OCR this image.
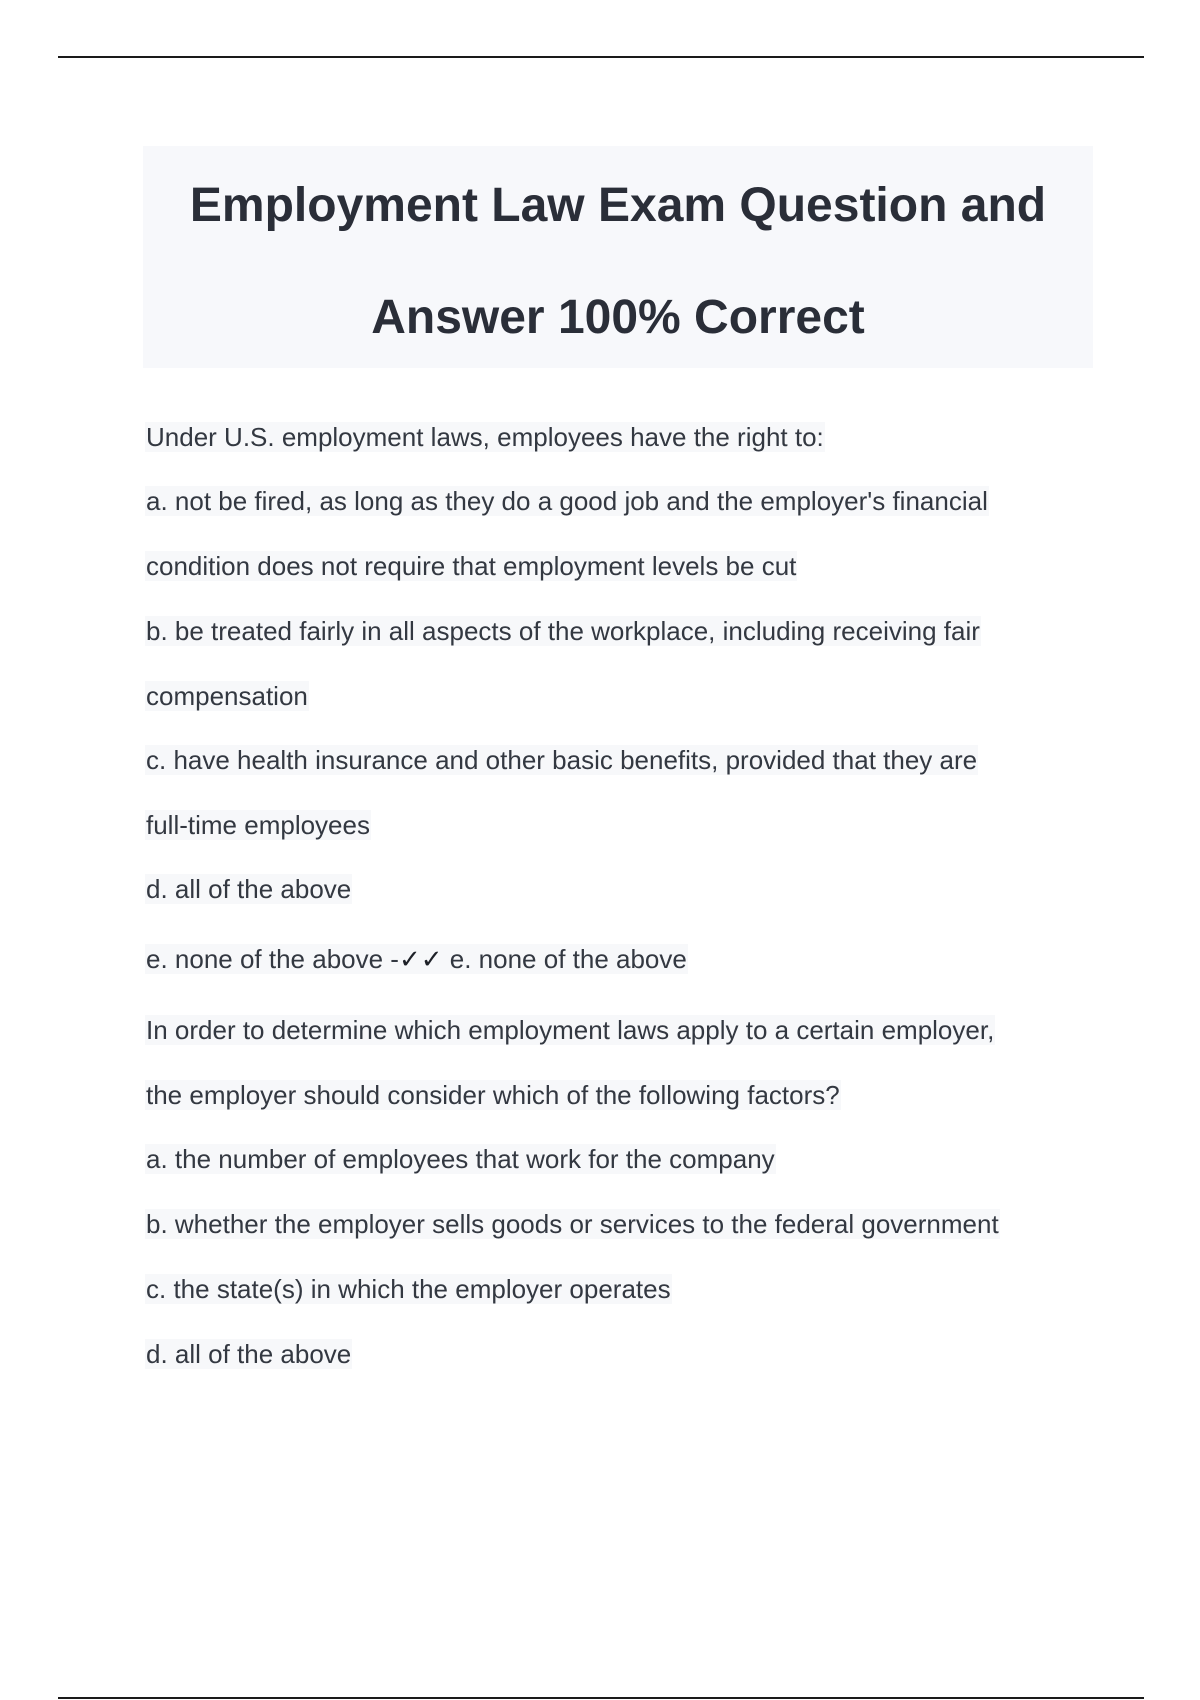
Employment Law Exam Question and
Answer 100% Correct
Under U.S. employment laws, employees have the right to:
a. not be fired, as long as they do a good job and the employer's financial
condition does not require that employment levels be cut
b. be treated fairly in all aspects of the workplace, including receiving fair
compensation
c. have health insurance and other basic benefits, provided that they are
full-time employees
d. all of the above
e. none of the above -✓✓ e. none of the above
In order to determine which employment laws apply to a certain employer,
the employer should consider which of the following factors?
a. the number of employees that work for the company
b. whether the employer sells goods or services to the federal government
c. the state(s) in which the employer operates
d. all of the above
